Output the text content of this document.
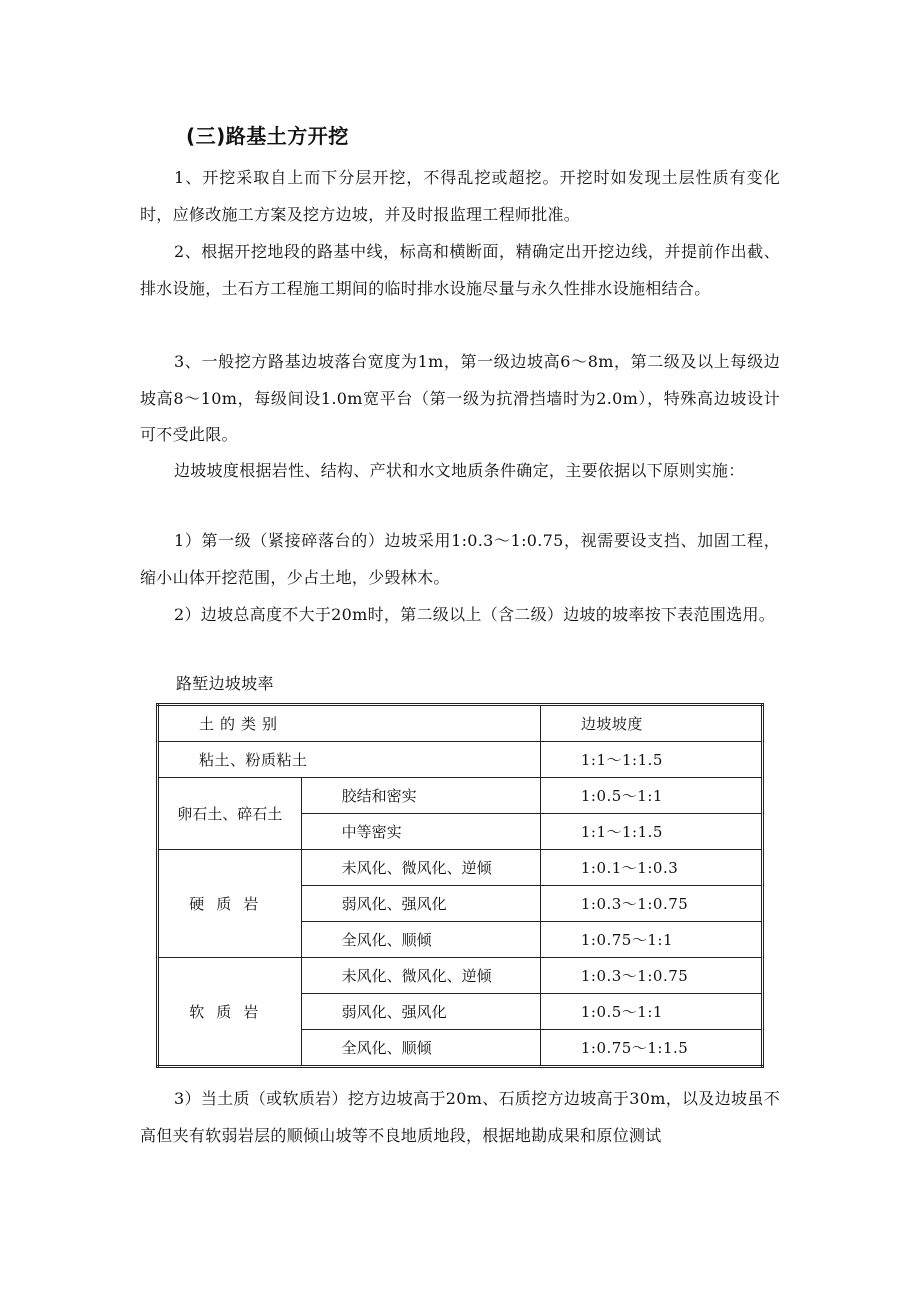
(三)路基土方开挖

1、开挖采取自上而下分层开挖，不得乱挖或超挖。开挖时如发现土层性质有变化时，应修改施工方案及挖方边坡，并及时报监理工程师批准。

2、根据开挖地段的路基中线，标高和横断面，精确定出开挖边线，并提前作出截、排水设施，土石方工程施工期间的临时排水设施尽量与永久性排水设施相结合。

3、一般挖方路基边坡落台宽度为1m，第一级边坡高6～8m，第二级及以上每级边坡高8～10m，每级间设1.0m宽平台（第一级为抗滑挡墙时为2.0m），特殊高边坡设计可不受此限。

边坡坡度根据岩性、结构、产状和水文地质条件确定，主要依据以下原则实施：

1）第一级（紧接碎落台的）边坡采用1:0.3～1:0.75，视需要设支挡、加固工程，缩小山体开挖范围，少占土地，少毁林木。

2）边坡总高度不大于20m时，第二级以上（含二级）边坡的坡率按下表范围选用。

路堑边坡坡率
土的类别		边坡坡度
粘土、粉质粘土		1:1～1:1.5
卵石土、碎石土	胶结和密实	1:0.5～1:1
	中等密实	1:1～1:1.5
硬质岩	未风化、微风化、逆倾	1:0.1～1:0.3
	弱风化、强风化	1:0.3～1:0.75
	全风化、顺倾	1:0.75～1:1
软质岩	未风化、微风化、逆倾	1:0.3～1:0.75
	弱风化、强风化	1:0.5～1:1
	全风化、顺倾	1:0.75～1:1.5

3）当土质（或软质岩）挖方边坡高于20m、石质挖方边坡高于30m，以及边坡虽不高但夹有软弱岩层的顺倾山坡等不良地质地段，根据地勘成果和原位测试
